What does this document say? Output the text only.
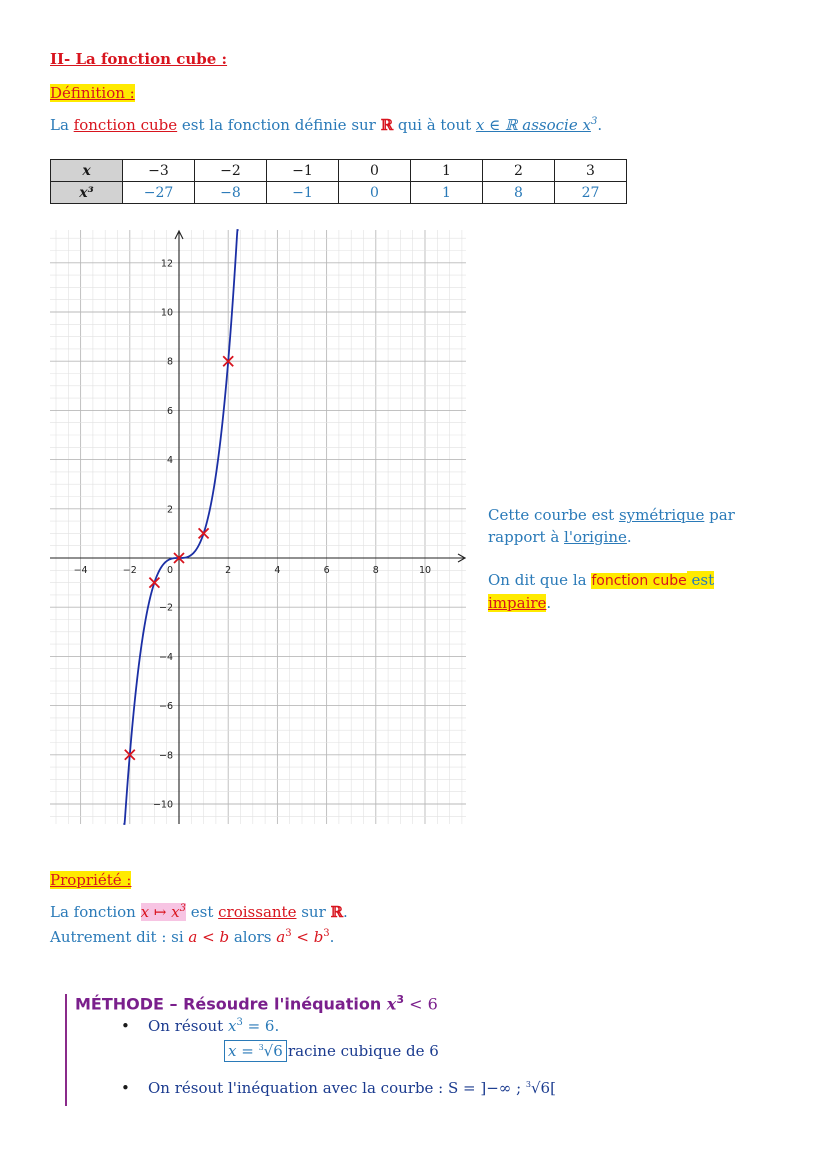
II- La fonction cube :
Définition :
La fonction cube est la fonction définie sur ℝ qui à tout x ∈ ℝ associe $x^3$.
x	−3	−2	−1	0	1	2	3
x³	−27	−8	−1	0	1	8	27
−4	−2	0	2	4	6	8	10
−10
−8
−6
−4
−2
2
4
6
8
10
12
Cette courbe est symétrique par rapport à l'origine.
On dit que la fonction cube est
impaire.
Propriété :
La fonction x ↦ $x^3$ est croissante sur ℝ.
Autrement dit : si a < b alors $a^3 < b^3$.
MÉTHODE – Résoudre l'inéquation $x^3 < 6$
• On résout $x^3 = 6$.
x = $^3$√6 racine cubique de 6
• On résout l'inéquation avec la courbe : S = ]−∞ ; $^3$√6[
